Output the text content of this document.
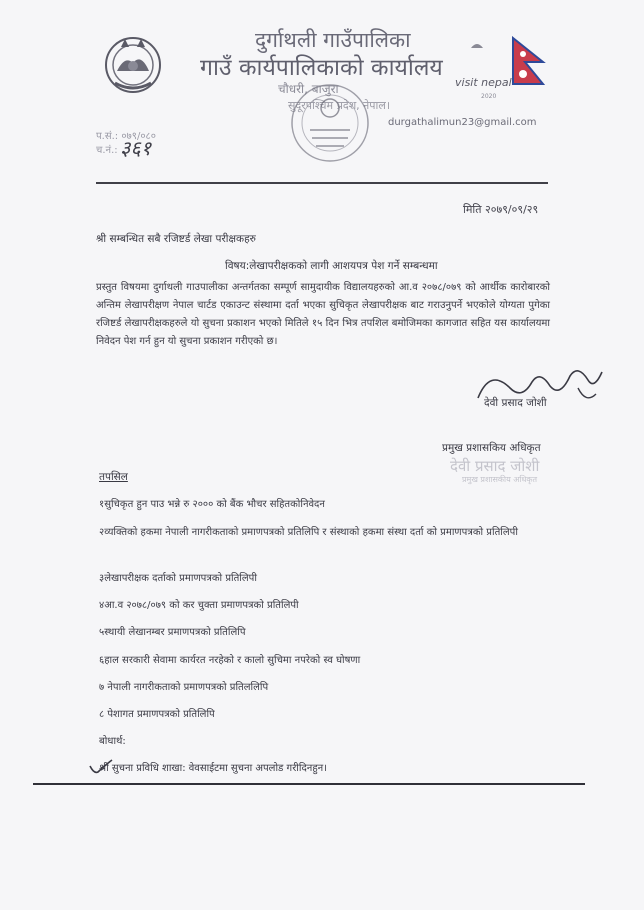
दुर्गाथली गाउँपालिका
गाउँ कार्यपालिकाको कार्यालय
चौधरी, बाजुरा
सुदूरपश्चिम प्रदेश, नेपाल।
durgathalimun23@gmail.com
visit nepal
2020
प.सं.: ०७९/०८०
च.नं.: ३६१
मिति २०७९/०९/२९
श्री सम्बन्धित सबै रजिष्टर्ड लेखा परीक्षकहरु
विषय:लेखापरीक्षकको लागी आशयपत्र पेश गर्ने सम्बन्धमा
प्रस्तुत विषयमा दुर्गाथली गाउपालीका अन्तर्गतका सम्पूर्ण सामुदायीक विद्यालयहरुको आ.व २०७८/०७९ को आर्थीक कारोबारको अन्तिम लेखापरीक्षण नेपाल चार्टड एकाउन्ट संस्थामा दर्ता भएका सुचिकृत लेखापरीक्षक बाट गराउनुपर्ने भएकोले योग्यता पुगेका रजिष्टर्ड लेखापरीक्षकहरुले यो सुचना प्रकाशन भएको मितिले १५ दिन भित्र तपशिल बमोजिमका कागजात सहित यस कार्यालयमा निवेदन पेश गर्न हुन यो सुचना प्रकाशन गरीएको छ।
देवी प्रसाद जोशी
प्रमुख प्रशासकिय अधिकृत
देवी प्रसाद जोशी
प्रमुख प्रशासकीय अधिकृत
तपसिल
१सुचिकृत हुन पाउ भन्ने रु २००० को बैंक भौचर सहितकोनिवेदन
२व्यक्तिको हकमा नेपाली नागरीकताको प्रमाणपत्रको प्रतिलिपि र संस्थाको हकमा संस्था दर्ता को प्रमाणपत्रको प्रतिलिपी
३लेखापरीक्षक दर्ताको प्रमाणपत्रको प्रतिलिपी
४आ.व २०७८/०७९ को कर चुक्ता प्रमाणपत्रको प्रतिलिपी
५स्थायी लेखानम्बर प्रमाणपत्रको प्रतिलिपि
६हाल सरकारी सेवामा कार्यरत नरहेको र कालो सुचिमा नपरेको स्व घोषणा
७ नेपाली नागरीकताको प्रमाणपत्रको प्रतिललिपि
८ पेशागत प्रमाणपत्रको प्रतिलिपि
बोधार्थ:
श्री सुचना प्रविधि शाखा: वेवसाईटमा सुचना अपलोड गरीदिनहुन।
